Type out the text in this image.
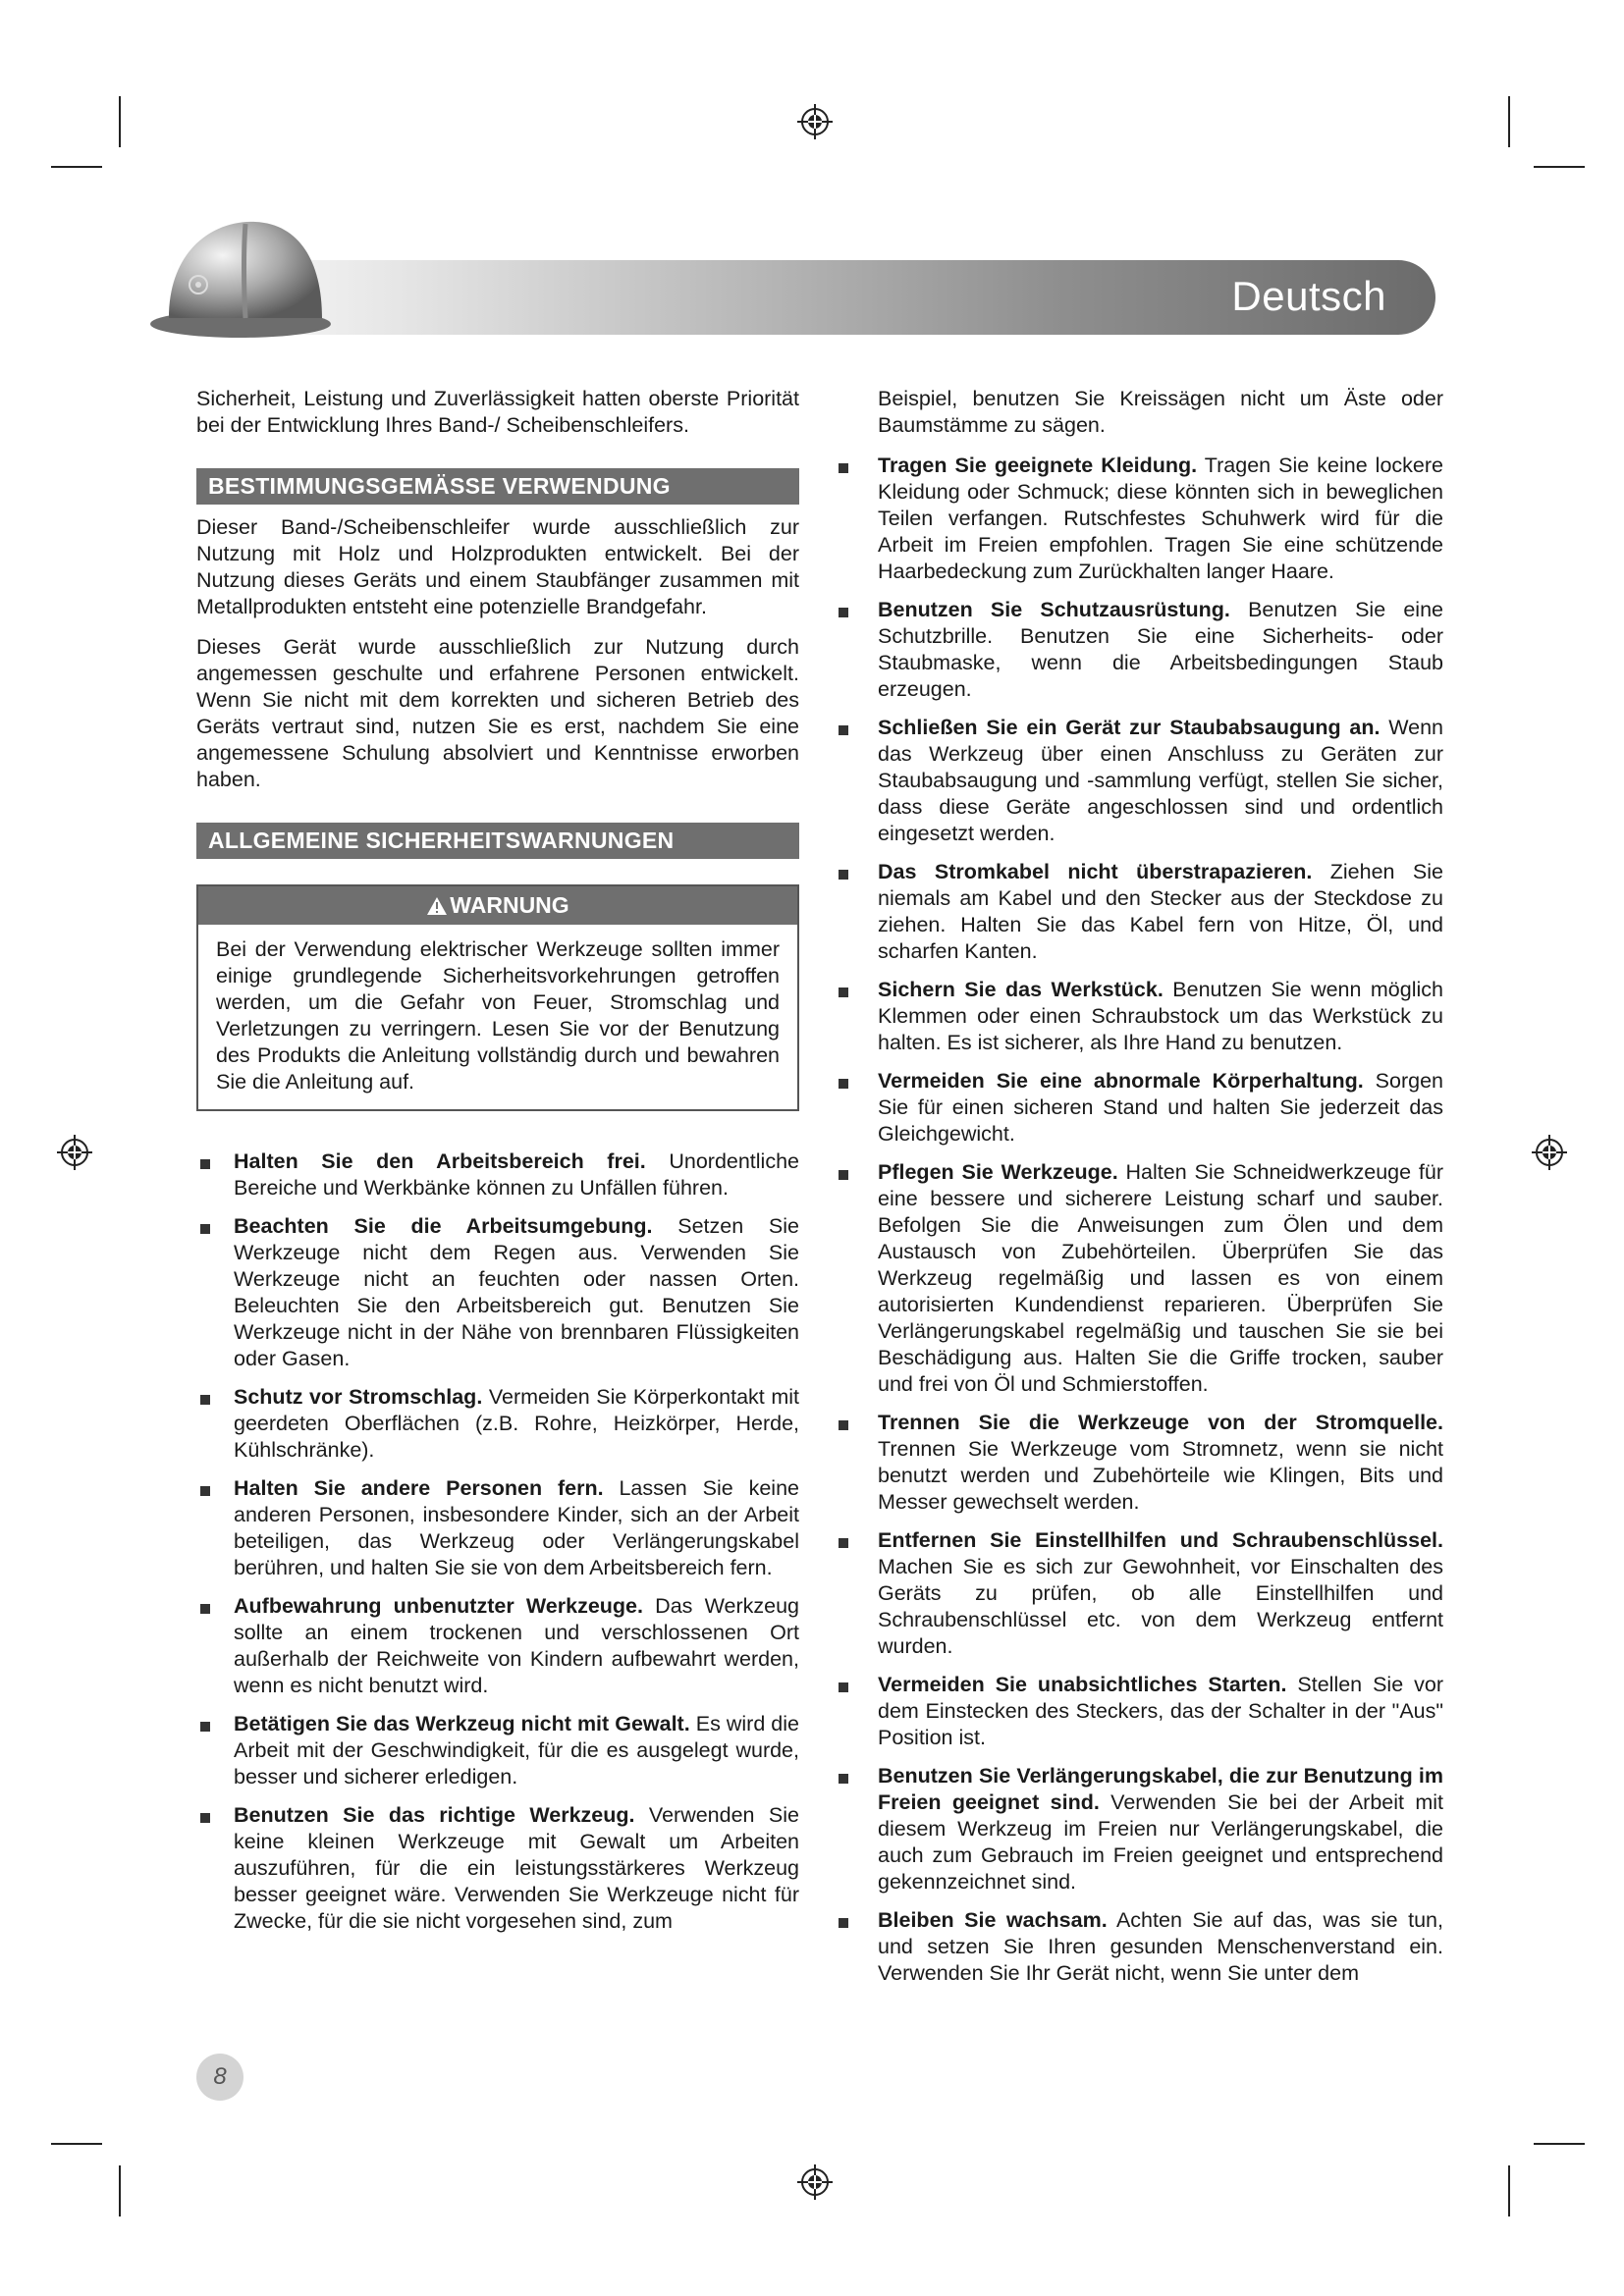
Deutsch

Sicherheit, Leistung und Zuverlässigkeit hatten oberste Priorität bei der Entwicklung Ihres Band-/ Scheibenschleifers.

BESTIMMUNGSGEMÄSSE VERWENDUNG

Dieser Band-/Scheibenschleifer wurde ausschließlich zur Nutzung mit Holz und Holzprodukten entwickelt. Bei der Nutzung dieses Geräts und einem Staubfänger zusammen mit Metallprodukten entsteht eine potenzielle Brandgefahr.

Dieses Gerät wurde ausschließlich zur Nutzung durch angemessen geschulte und erfahrene Personen entwickelt. Wenn Sie nicht mit dem korrekten und sicheren Betrieb des Geräts vertraut sind, nutzen Sie es erst, nachdem Sie eine angemessene Schulung absolviert und Kenntnisse erworben haben.

ALLGEMEINE SICHERHEITSWARNUNGEN
WARNUNG
Bei der Verwendung elektrischer Werkzeuge sollten immer einige grundlegende Sicherheitsvorkehrungen getroffen werden, um die Gefahr von Feuer, Stromschlag und Verletzungen zu verringern. Lesen Sie vor der Benutzung des Produkts die Anleitung vollständig durch und bewahren Sie die Anleitung auf.
Halten Sie den Arbeitsbereich frei. Unordentliche Bereiche und Werkbänke können zu Unfällen führen.
Beachten Sie die Arbeitsumgebung. Setzen Sie Werkzeuge nicht dem Regen aus. Verwenden Sie Werkzeuge nicht an feuchten oder nassen Orten. Beleuchten Sie den Arbeitsbereich gut. Benutzen Sie Werkzeuge nicht in der Nähe von brennbaren Flüssigkeiten oder Gasen.
Schutz vor Stromschlag. Vermeiden Sie Körperkontakt mit geerdeten Oberflächen (z.B. Rohre, Heizkörper, Herde, Kühlschränke).
Halten Sie andere Personen fern. Lassen Sie keine anderen Personen, insbesondere Kinder, sich an der Arbeit beteiligen, das Werkzeug oder Verlängerungskabel berühren, und halten Sie sie von dem Arbeitsbereich fern.
Aufbewahrung unbenutzter Werkzeuge. Das Werkzeug sollte an einem trockenen und verschlossenen Ort außerhalb der Reichweite von Kindern aufbewahrt werden, wenn es nicht benutzt wird.
Betätigen Sie das Werkzeug nicht mit Gewalt. Es wird die Arbeit mit der Geschwindigkeit, für die es ausgelegt wurde, besser und sicherer erledigen.
Benutzen Sie das richtige Werkzeug. Verwenden Sie keine kleinen Werkzeuge mit Gewalt um Arbeiten auszuführen, für die ein leistungsstärkeres Werkzeug besser geeignet wäre. Verwenden Sie Werkzeuge nicht für Zwecke, für die sie nicht vorgesehen sind, zum

Beispiel, benutzen Sie Kreissägen nicht um Äste oder Baumstämme zu sägen.

Tragen Sie geeignete Kleidung. Tragen Sie keine lockere Kleidung oder Schmuck; diese könnten sich in beweglichen Teilen verfangen. Rutschfestes Schuhwerk wird für die Arbeit im Freien empfohlen. Tragen Sie eine schützende Haarbedeckung zum Zurückhalten langer Haare.
Benutzen Sie Schutzausrüstung. Benutzen Sie eine Schutzbrille. Benutzen Sie eine Sicherheits- oder Staubmaske, wenn die Arbeitsbedingungen Staub erzeugen.
Schließen Sie ein Gerät zur Staubabsaugung an. Wenn das Werkzeug über einen Anschluss zu Geräten zur Staubabsaugung und -sammlung verfügt, stellen Sie sicher, dass diese Geräte angeschlossen sind und ordentlich eingesetzt werden.
Das Stromkabel nicht überstrapazieren. Ziehen Sie niemals am Kabel und den Stecker aus der Steckdose zu ziehen. Halten Sie das Kabel fern von Hitze, Öl, und scharfen Kanten.
Sichern Sie das Werkstück. Benutzen Sie wenn möglich Klemmen oder einen Schraubstock um das Werkstück zu halten. Es ist sicherer, als Ihre Hand zu benutzen.
Vermeiden Sie eine abnormale Körperhaltung. Sorgen Sie für einen sicheren Stand und halten Sie jederzeit das Gleichgewicht.
Pflegen Sie Werkzeuge. Halten Sie Schneidwerkzeuge für eine bessere und sicherere Leistung scharf und sauber. Befolgen Sie die Anweisungen zum Ölen und dem Austausch von Zubehörteilen. Überprüfen Sie das Werkzeug regelmäßig und lassen es von einem autorisierten Kundendienst reparieren. Überprüfen Sie Verlängerungskabel regelmäßig und tauschen Sie sie bei Beschädigung aus. Halten Sie die Griffe trocken, sauber und frei von Öl und Schmierstoffen.
Trennen Sie die Werkzeuge von der Stromquelle. Trennen Sie Werkzeuge vom Stromnetz, wenn sie nicht benutzt werden und Zubehörteile wie Klingen, Bits und Messer gewechselt werden.
Entfernen Sie Einstellhilfen und Schraubenschlüssel. Machen Sie es sich zur Gewohnheit, vor Einschalten des Geräts zu prüfen, ob alle Einstellhilfen und Schraubenschlüssel etc. von dem Werkzeug entfernt wurden.
Vermeiden Sie unabsichtliches Starten. Stellen Sie vor dem Einstecken des Steckers, das der Schalter in der "Aus" Position ist.
Benutzen Sie Verlängerungskabel, die zur Benutzung im Freien geeignet sind. Verwenden Sie bei der Arbeit mit diesem Werkzeug im Freien nur Verlängerungskabel, die auch zum Gebrauch im Freien geeignet und entsprechend gekennzeichnet sind.
Bleiben Sie wachsam. Achten Sie auf das, was sie tun, und setzen Sie Ihren gesunden Menschenverstand ein. Verwenden Sie Ihr Gerät nicht, wenn Sie unter dem
8
